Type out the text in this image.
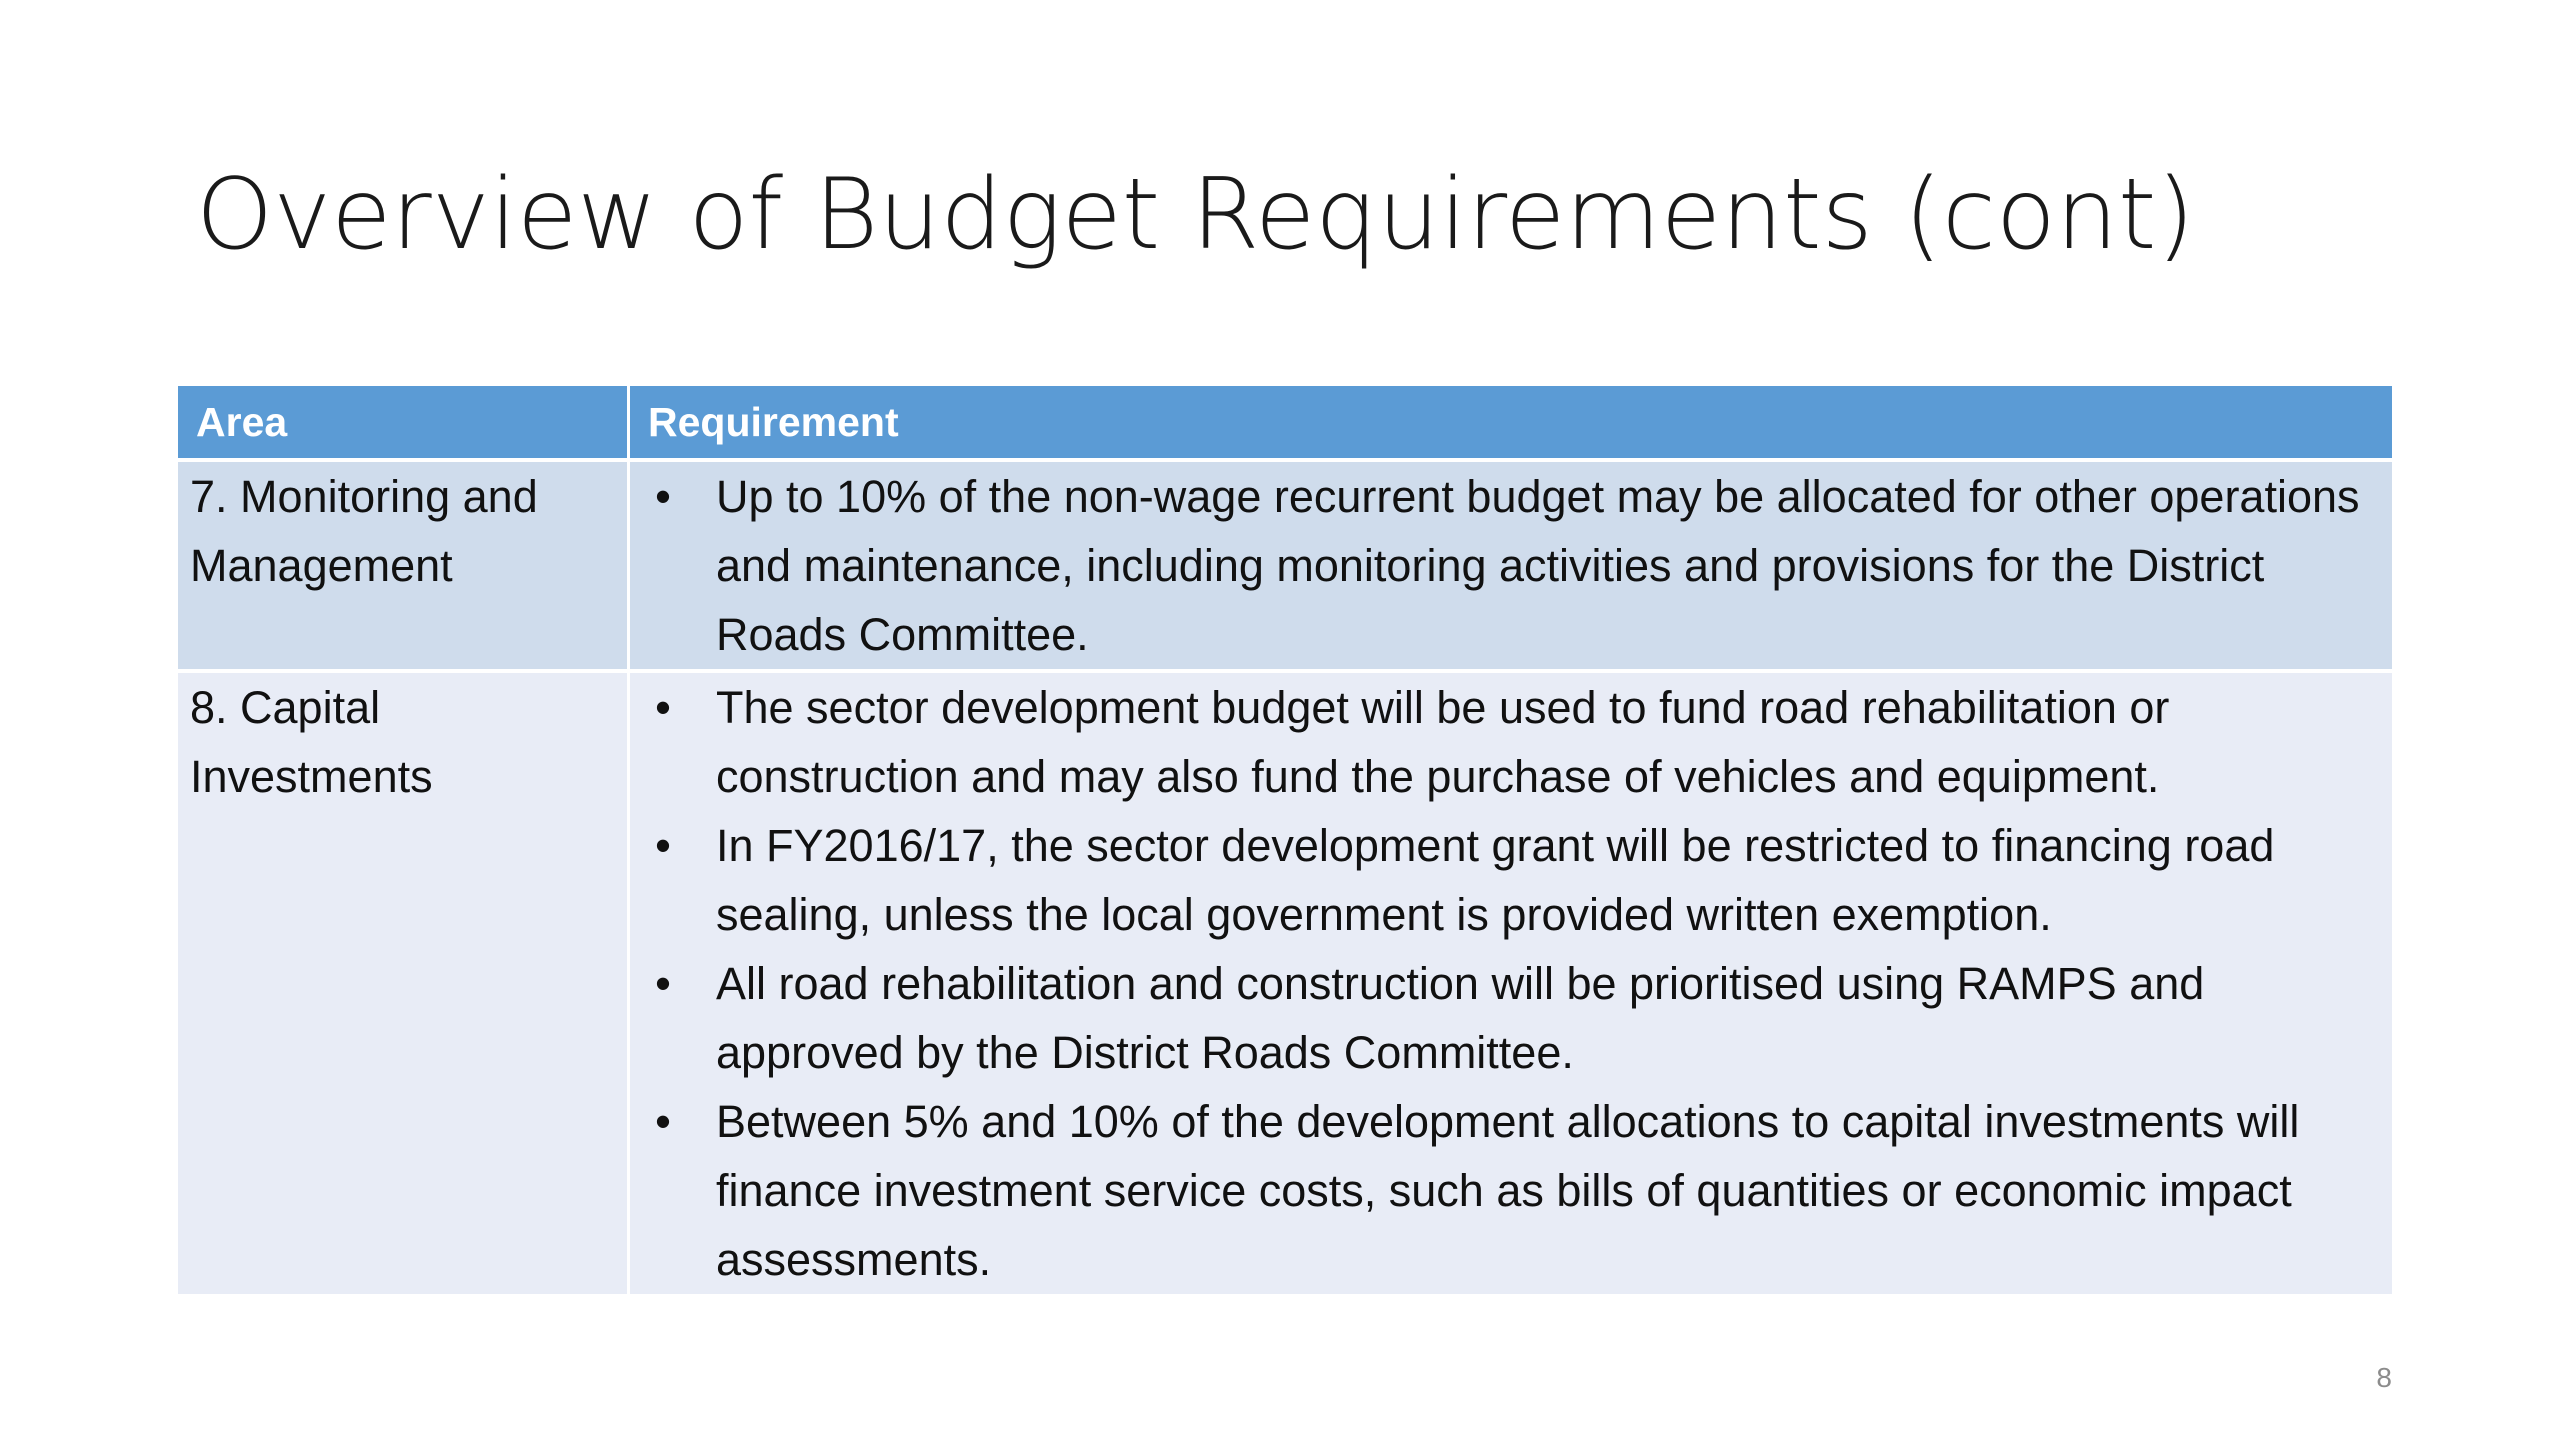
Overview of Budget Requirements (cont)
Area	Requirement
7. Monitoring and Management
• Up to 10% of the non-wage recurrent budget may be allocated for other operations and maintenance, including monitoring activities and provisions for the District Roads Committee.
8. Capital Investments
• The sector development budget will be used to fund road rehabilitation or construction and may also fund the purchase of vehicles and equipment.
• In FY2016/17, the sector development grant will be restricted to financing road sealing, unless the local government is provided written exemption.
• All road rehabilitation and construction will be prioritised using RAMPS and approved by the District Roads Committee.
• Between 5% and 10% of the development allocations to capital investments will finance investment service costs, such as bills of quantities or economic impact assessments.
8
